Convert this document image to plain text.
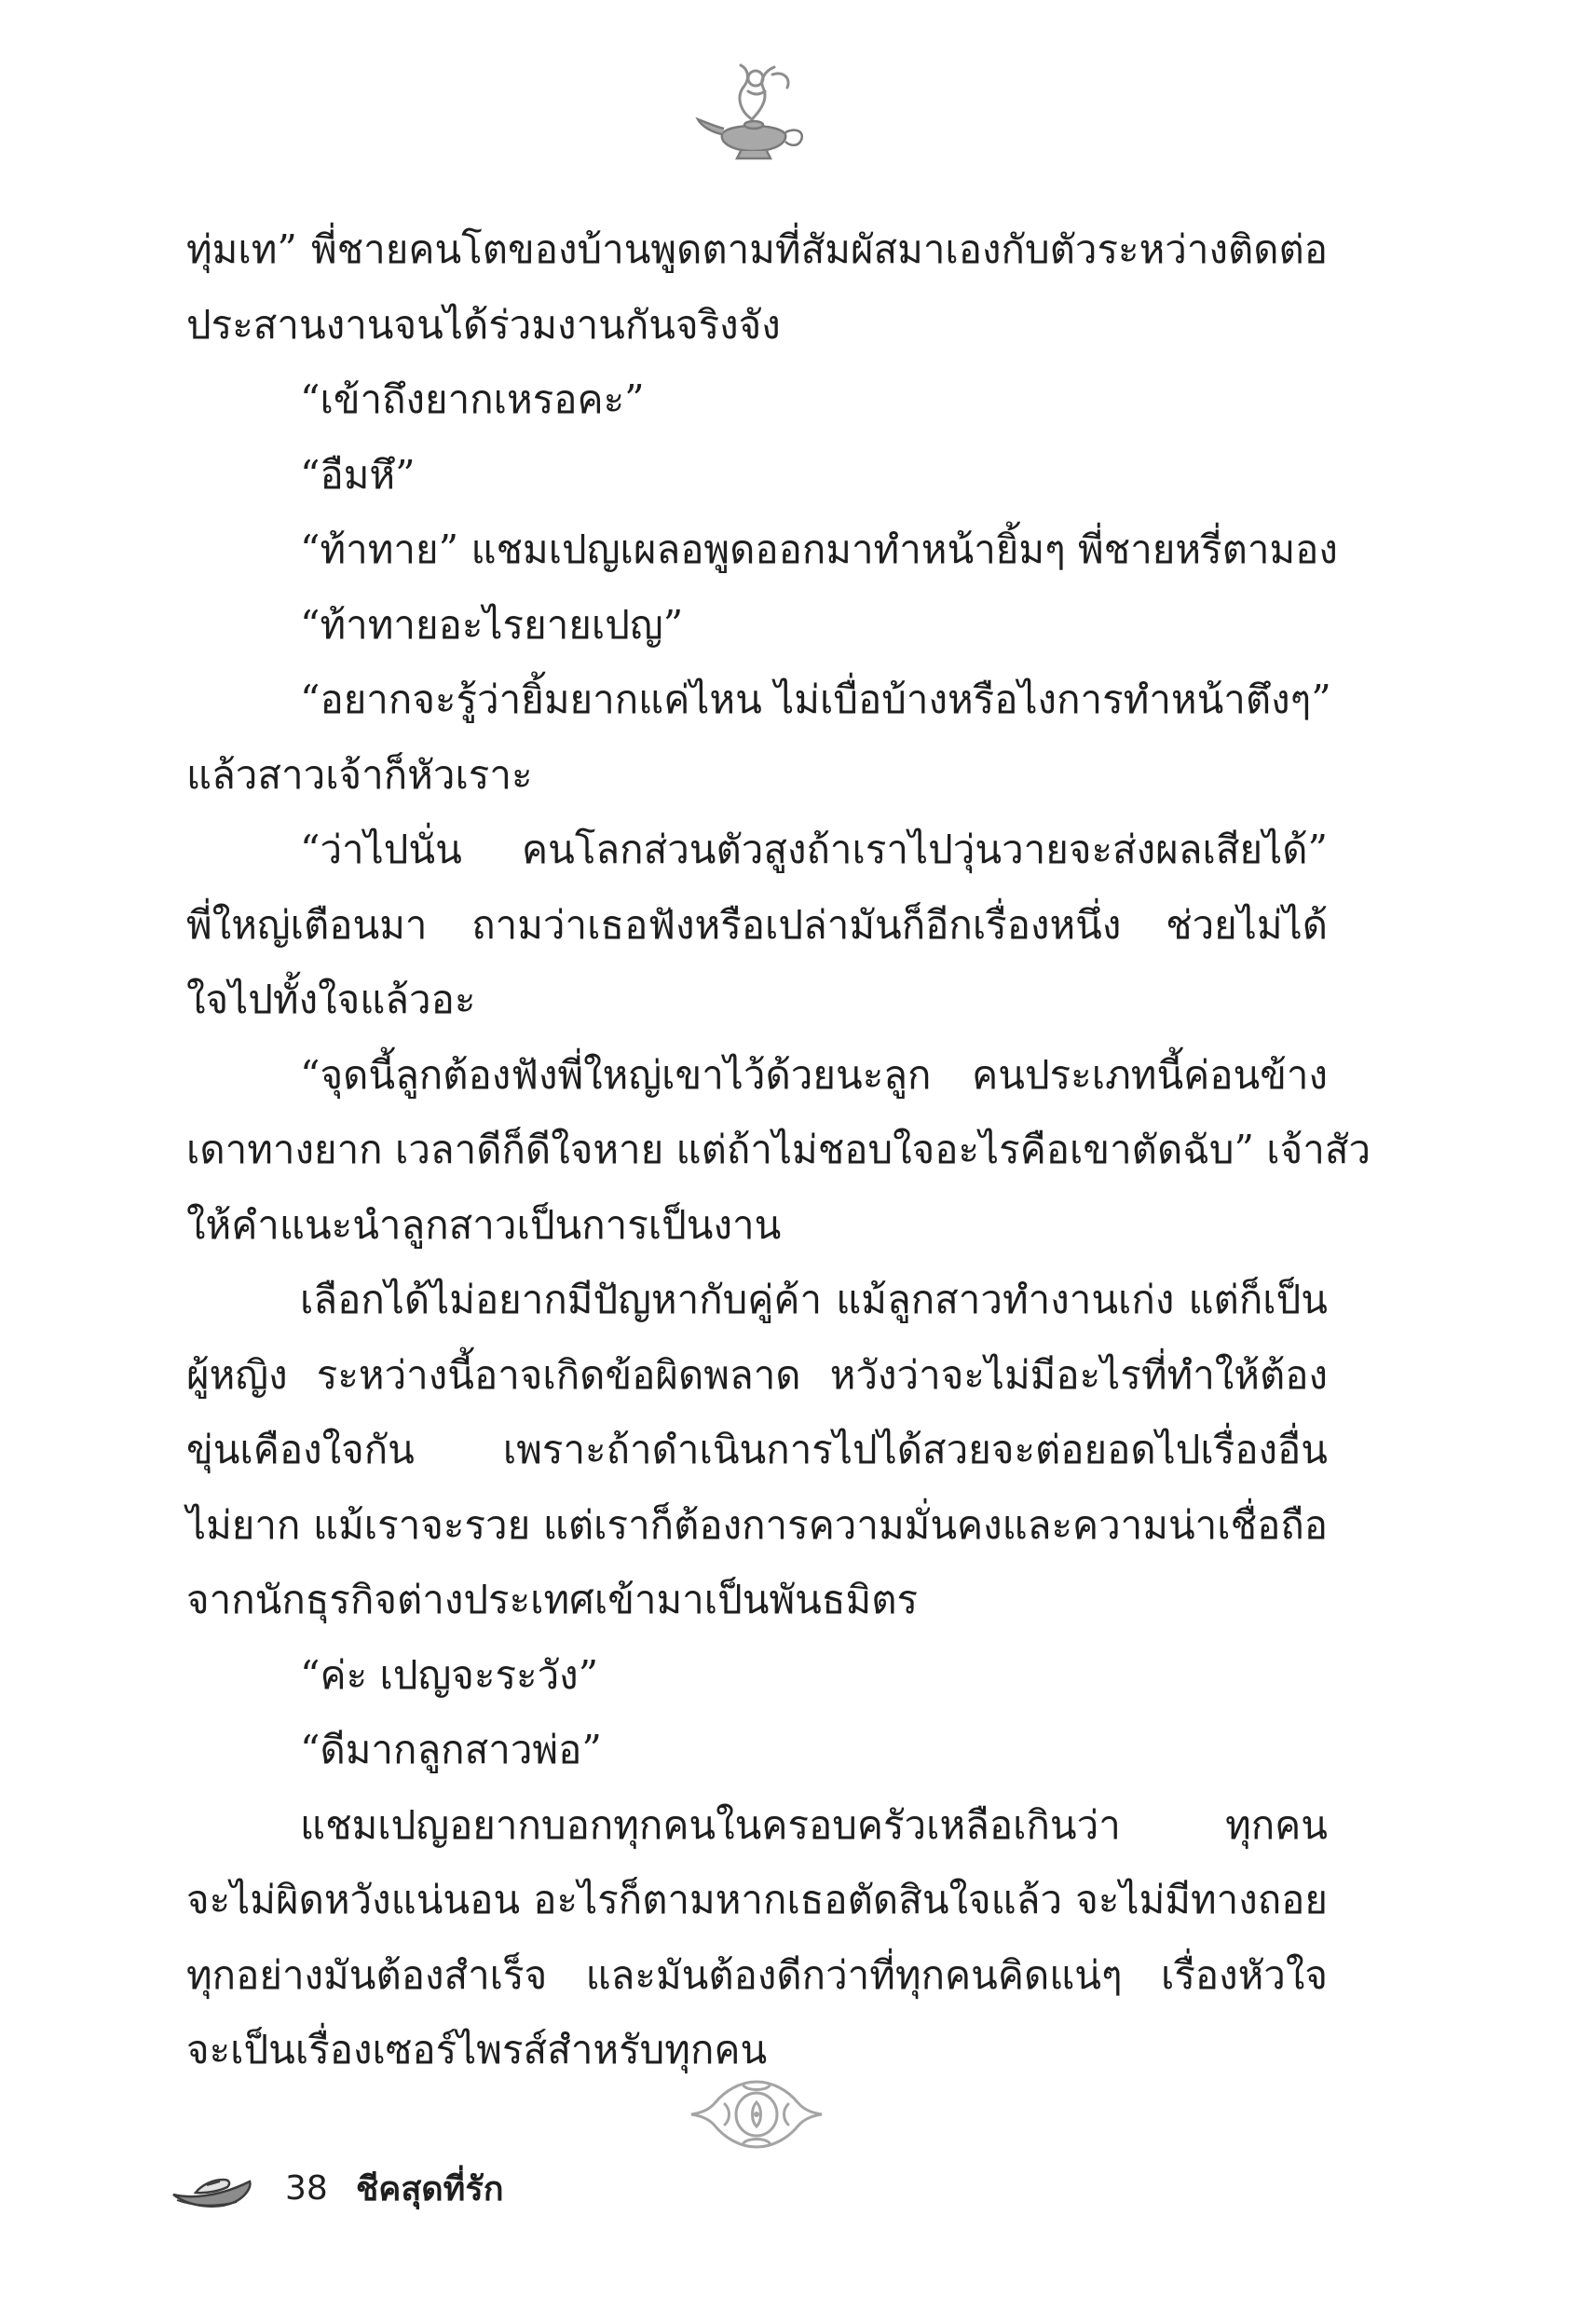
ทุ่มเท” พี่ชายคนโตของบ้านพูดตามที่สัมผัสมาเองกับตัวระหว่างติดต่อ
ประสานงานจนได้ร่วมงานกันจริงจัง
“เข้าถึงยากเหรอคะ”
“อืมหึ”
“ท้าทาย” แชมเปญเผลอพูดออกมาทำหน้ายิ้มๆ พี่ชายหรี่ตามอง
“ท้าทายอะไรยายเปญ”
“อยากจะรู้ว่ายิ้มยากแค่ไหน ไม่เบื่อบ้างหรือไงการทำหน้าตึงๆ”
แล้วสาวเจ้าก็หัวเราะ
“ว่าไปนั่น คนโลกส่วนตัวสูงถ้าเราไปวุ่นวายจะส่งผลเสียได้”
พี่ใหญ่เตือนมา ถามว่าเธอฟังหรือเปล่ามันก็อีกเรื่องหนึ่ง ช่วยไม่ได้
ใจไปทั้งใจแล้วอะ
“จุดนี้ลูกต้องฟังพี่ใหญ่เขาไว้ด้วยนะลูก คนประเภทนี้ค่อนข้าง
เดาทางยาก เวลาดีก็ดีใจหาย แต่ถ้าไม่ชอบใจอะไรคือเขาตัดฉับ” เจ้าสัว
ให้คำแนะนำลูกสาวเป็นการเป็นงาน
เลือกได้ไม่อยากมีปัญหากับคู่ค้า แม้ลูกสาวทำงานเก่ง แต่ก็เป็น
ผู้หญิง ระหว่างนี้อาจเกิดข้อผิดพลาด หวังว่าจะไม่มีอะไรที่ทำให้ต้อง
ขุ่นเคืองใจกัน เพราะถ้าดำเนินการไปได้สวยจะต่อยอดไปเรื่องอื่น
ไม่ยาก แม้เราจะรวย แต่เราก็ต้องการความมั่นคงและความน่าเชื่อถือ
จากนักธุรกิจต่างประเทศเข้ามาเป็นพันธมิตร
“ค่ะ เปญจะระวัง”
“ดีมากลูกสาวพ่อ”
แชมเปญอยากบอกทุกคนในครอบครัวเหลือเกินว่า ทุกคน
จะไม่ผิดหวังแน่นอน อะไรก็ตามหากเธอตัดสินใจแล้ว จะไม่มีทางถอย
ทุกอย่างมันต้องสำเร็จ และมันต้องดีกว่าที่ทุกคนคิดแน่ๆ เรื่องหัวใจ
จะเป็นเรื่องเซอร์ไพรส์สำหรับทุกคน
38 ชีคสุดที่รัก
